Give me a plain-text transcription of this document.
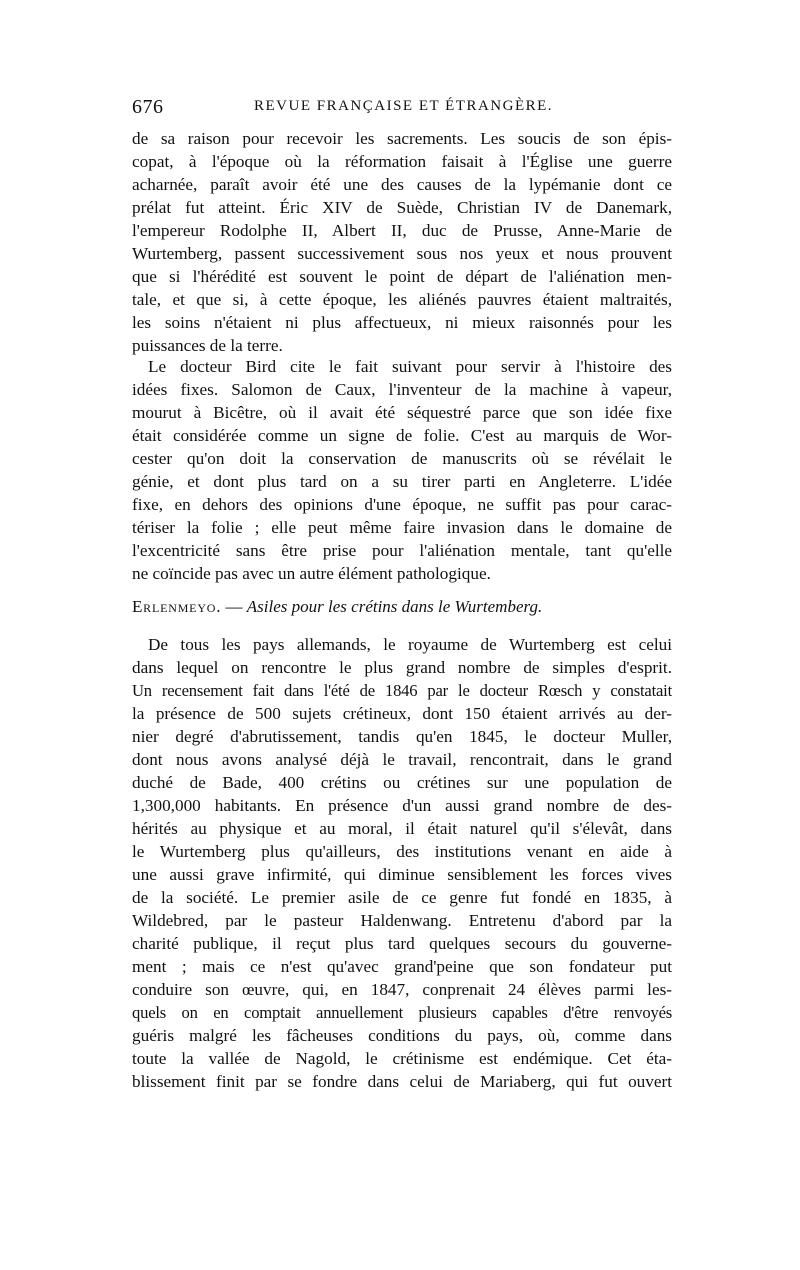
676	REVUE FRANÇAISE ET ÉTRANGÈRE.
de sa raison pour recevoir les sacrements. Les soucis de son épis-
copat, à l'époque où la réformation faisait à l'Église une guerre
acharnée, paraît avoir été une des causes de la lypémanie dont ce
prélat fut atteint. Éric XIV de Suède, Christian IV de Danemark,
l'empereur Rodolphe II, Albert II, duc de Prusse, Anne-Marie de
Wurtemberg, passent successivement sous nos yeux et nous prouvent
que si l'hérédité est souvent le point de départ de l'aliénation men-
tale, et que si, à cette époque, les aliénés pauvres étaient maltraités,
les soins n'étaient ni plus affectueux, ni mieux raisonnés pour les
puissances de la terre.
Le docteur Bird cite le fait suivant pour servir à l'histoire des
idées fixes. Salomon de Caux, l'inventeur de la machine à vapeur,
mourut à Bicêtre, où il avait été séquestré parce que son idée fixe
était considérée comme un signe de folie. C'est au marquis de Wor-
cester qu'on doit la conservation de manuscrits où se révélait le
génie, et dont plus tard on a su tirer parti en Angleterre. L'idée
fixe, en dehors des opinions d'une époque, ne suffit pas pour carac-
tériser la folie ; elle peut même faire invasion dans le domaine de
l'excentricité sans être prise pour l'aliénation mentale, tant qu'elle
ne coïncide pas avec un autre élément pathologique.
Erlenmeyo. — Asiles pour les crétins dans le Wurtemberg.
De tous les pays allemands, le royaume de Wurtemberg est celui
dans lequel on rencontre le plus grand nombre de simples d'esprit.
Un recensement fait dans l'été de 1846 par le docteur Rœsch y constatait
la présence de 500 sujets crétineux, dont 150 étaient arrivés au der-
nier degré d'abrutissement, tandis qu'en 1845, le docteur Muller,
dont nous avons analysé déjà le travail, rencontrait, dans le grand
duché de Bade, 400 crétins ou crétines sur une population de
1,300,000 habitants. En présence d'un aussi grand nombre de des-
hérités au physique et au moral, il était naturel qu'il s'élevât, dans
le Wurtemberg plus qu'ailleurs, des institutions venant en aide à
une aussi grave infirmité, qui diminue sensiblement les forces vives
de la société. Le premier asile de ce genre fut fondé en 1835, à
Wildebred, par le pasteur Haldenwang. Entretenu d'abord par la
charité publique, il reçut plus tard quelques secours du gouverne-
ment ; mais ce n'est qu'avec grand'peine que son fondateur put
conduire son œuvre, qui, en 1847, conprenait 24 élèves parmi les-
quels on en comptait annuellement plusieurs capables d'être renvoyés
guéris malgré les fâcheuses conditions du pays, où, comme dans
toute la vallée de Nagold, le crétinisme est endémique. Cet éta-
blissement finit par se fondre dans celui de Mariaberg, qui fut ouvert
